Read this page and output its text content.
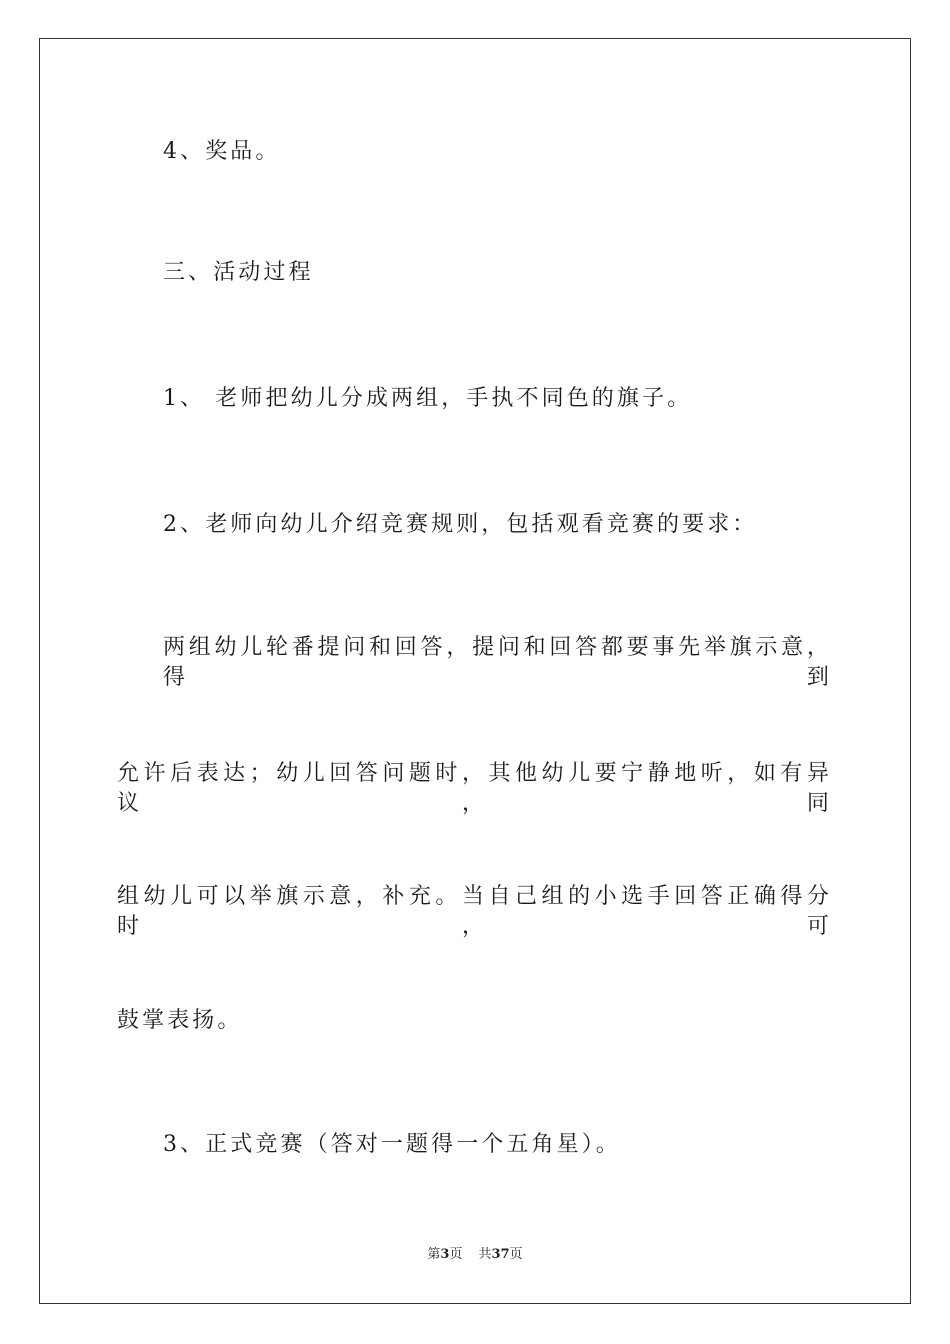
4、奖品。
三、活动过程
1、 老师把幼儿分成两组，手执不同色的旗子。
2、老师向幼儿介绍竞赛规则，包括观看竞赛的要求：
两组幼儿轮番提问和回答，提问和回答都要事先举旗示意，得到
允许后表达；幼儿回答问题时，其他幼儿要宁静地听，如有异议，同
组幼儿可以举旗示意，补充。当自己组的小选手回答正确得分时，可
鼓掌表扬。
3、正式竞赛（答对一题得一个五角星）。
第3页 共37页
